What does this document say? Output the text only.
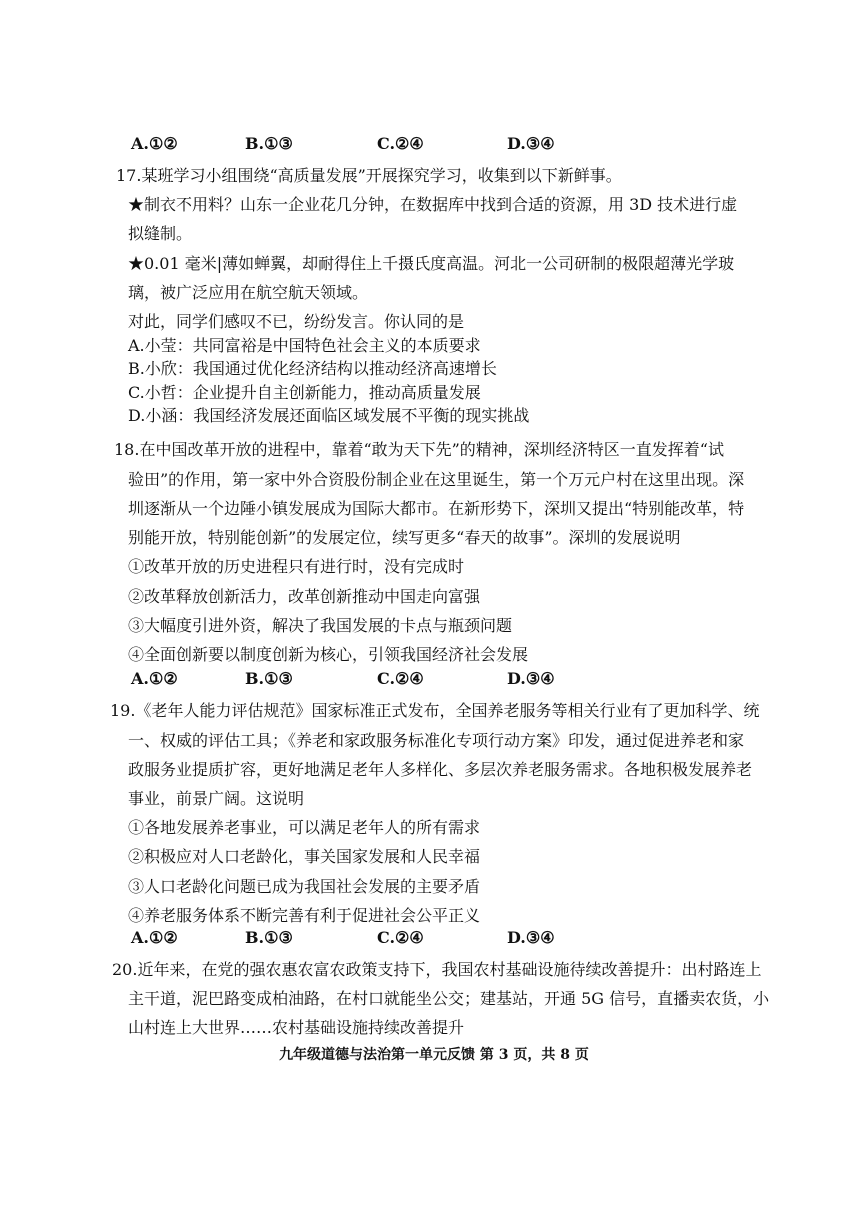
A.①②	B.①③	C.②④	D.③④
17.某班学习小组围绕“高质量发展”开展探究学习，收集到以下新鲜事。
★制衣不用料？山东一企业花几分钟，在数据库中找到合适的资源，用 3D 技术进行虚
拟缝制。
★0.01 毫米|薄如蝉翼，却耐得住上千摄氏度高温。河北一公司研制的极限超薄光学玻
璃，被广泛应用在航空航天领域。
对此，同学们感叹不已，纷纷发言。你认同的是
A.小莹：共同富裕是中国特色社会主义的本质要求
B.小欣：我国通过优化经济结构以推动经济高速增长
C.小哲：企业提升自主创新能力，推动高质量发展
D.小涵：我国经济发展还面临区域发展不平衡的现实挑战
18.在中国改革开放的进程中，靠着“敢为天下先”的精神，深圳经济特区一直发挥着“试
验田”的作用，第一家中外合资股份制企业在这里诞生，第一个万元户村在这里出现。深
圳逐渐从一个边陲小镇发展成为国际大都市。在新形势下，深圳又提出“特别能改革，特
别能开放，特别能创新”的发展定位，续写更多“春天的故事”。深圳的发展说明
①改革开放的历史进程只有进行时，没有完成时
②改革释放创新活力，改革创新推动中国走向富强
③大幅度引进外资，解决了我国发展的卡点与瓶颈问题
④全面创新要以制度创新为核心，引领我国经济社会发展
A.①②	B.①③	C.②④	D.③④
19.《老年人能力评估规范》国家标准正式发布，全国养老服务等相关行业有了更加科学、统
一、权威的评估工具；《养老和家政服务标准化专项行动方案》印发，通过促进养老和家
政服务业提质扩容，更好地满足老年人多样化、多层次养老服务需求。各地积极发展养老
事业，前景广阔。这说明
①各地发展养老事业，可以满足老年人的所有需求
②积极应对人口老龄化，事关国家发展和人民幸福
③人口老龄化问题已成为我国社会发展的主要矛盾
④养老服务体系不断完善有利于促进社会公平正义
A.①②	B.①③	C.②④	D.③④
20.近年来，在党的强农惠农富农政策支持下，我国农村基础设施待续改善提升：出村路连上
主干道，泥巴路变成柏油路，在村口就能坐公交；建基站，开通 5G 信号，直播卖农货，小
山村连上大世界……农村基础设施持续改善提升
九年级道德与法治第一单元反馈 第 3 页，共 8 页
